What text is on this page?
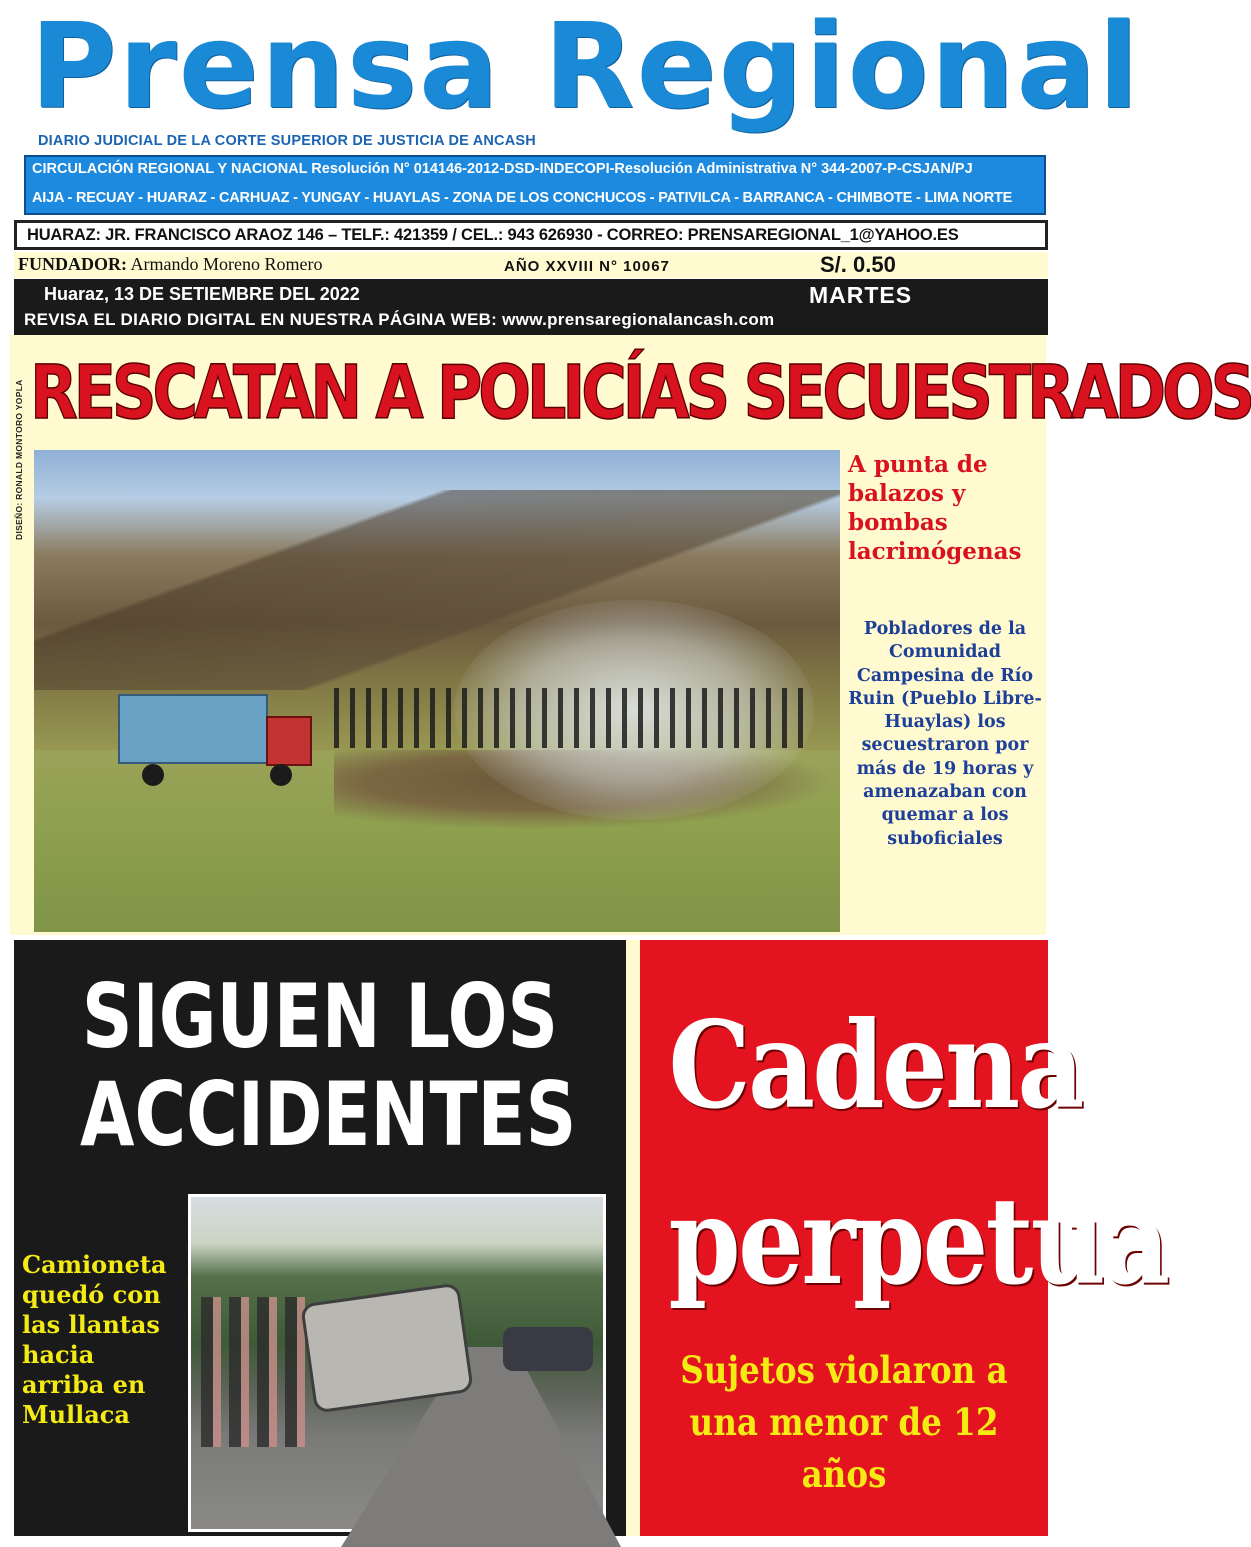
Prensa Regional
DIARIO JUDICIAL DE LA CORTE SUPERIOR DE JUSTICIA DE ANCASH
CIRCULACIÓN REGIONAL Y NACIONAL Resolución N° 014146-2012-DSD-INDECOPI-Resolución Administrativa N° 344-2007-P-CSJAN/PJ
AIJA - RECUAY - HUARAZ - CARHUAZ - YUNGAY - HUAYLAS - ZONA DE LOS CONCHUCOS - PATIVILCA - BARRANCA - CHIMBOTE - LIMA NORTE
HUARAZ: JR. FRANCISCO ARAOZ 146 – TELF.: 421359 / CEL.: 943 626930 - CORREO: PRENSAREGIONAL_1@YAHOO.ES
FUNDADOR: Armando Moreno Romero	AÑO XXVIII N° 10067	S/. 0.50
Huaraz, 13 DE SETIEMBRE DEL 2022	MARTES
REVISA EL DIARIO DIGITAL EN NUESTRA PÁGINA WEB: www.prensaregionalancash.com
DISEÑO: RONALD MONTORO YOPLA RESCATAN A POLICÍAS SECUESTRADOS
A punta de balazos y bombas lacrimógenas
Pobladores de la Comunidad Campesina de Río Ruin (Pueblo Libre-Huaylas) los secuestraron por más de 19 horas y amenazaban con quemar a los suboficiales
SIGUEN LOS
ACCIDENTES
Camioneta quedó con las llantas hacia arriba en Mullaca
Cadena
perpetua
Sujetos violaron a una menor de 12 años
